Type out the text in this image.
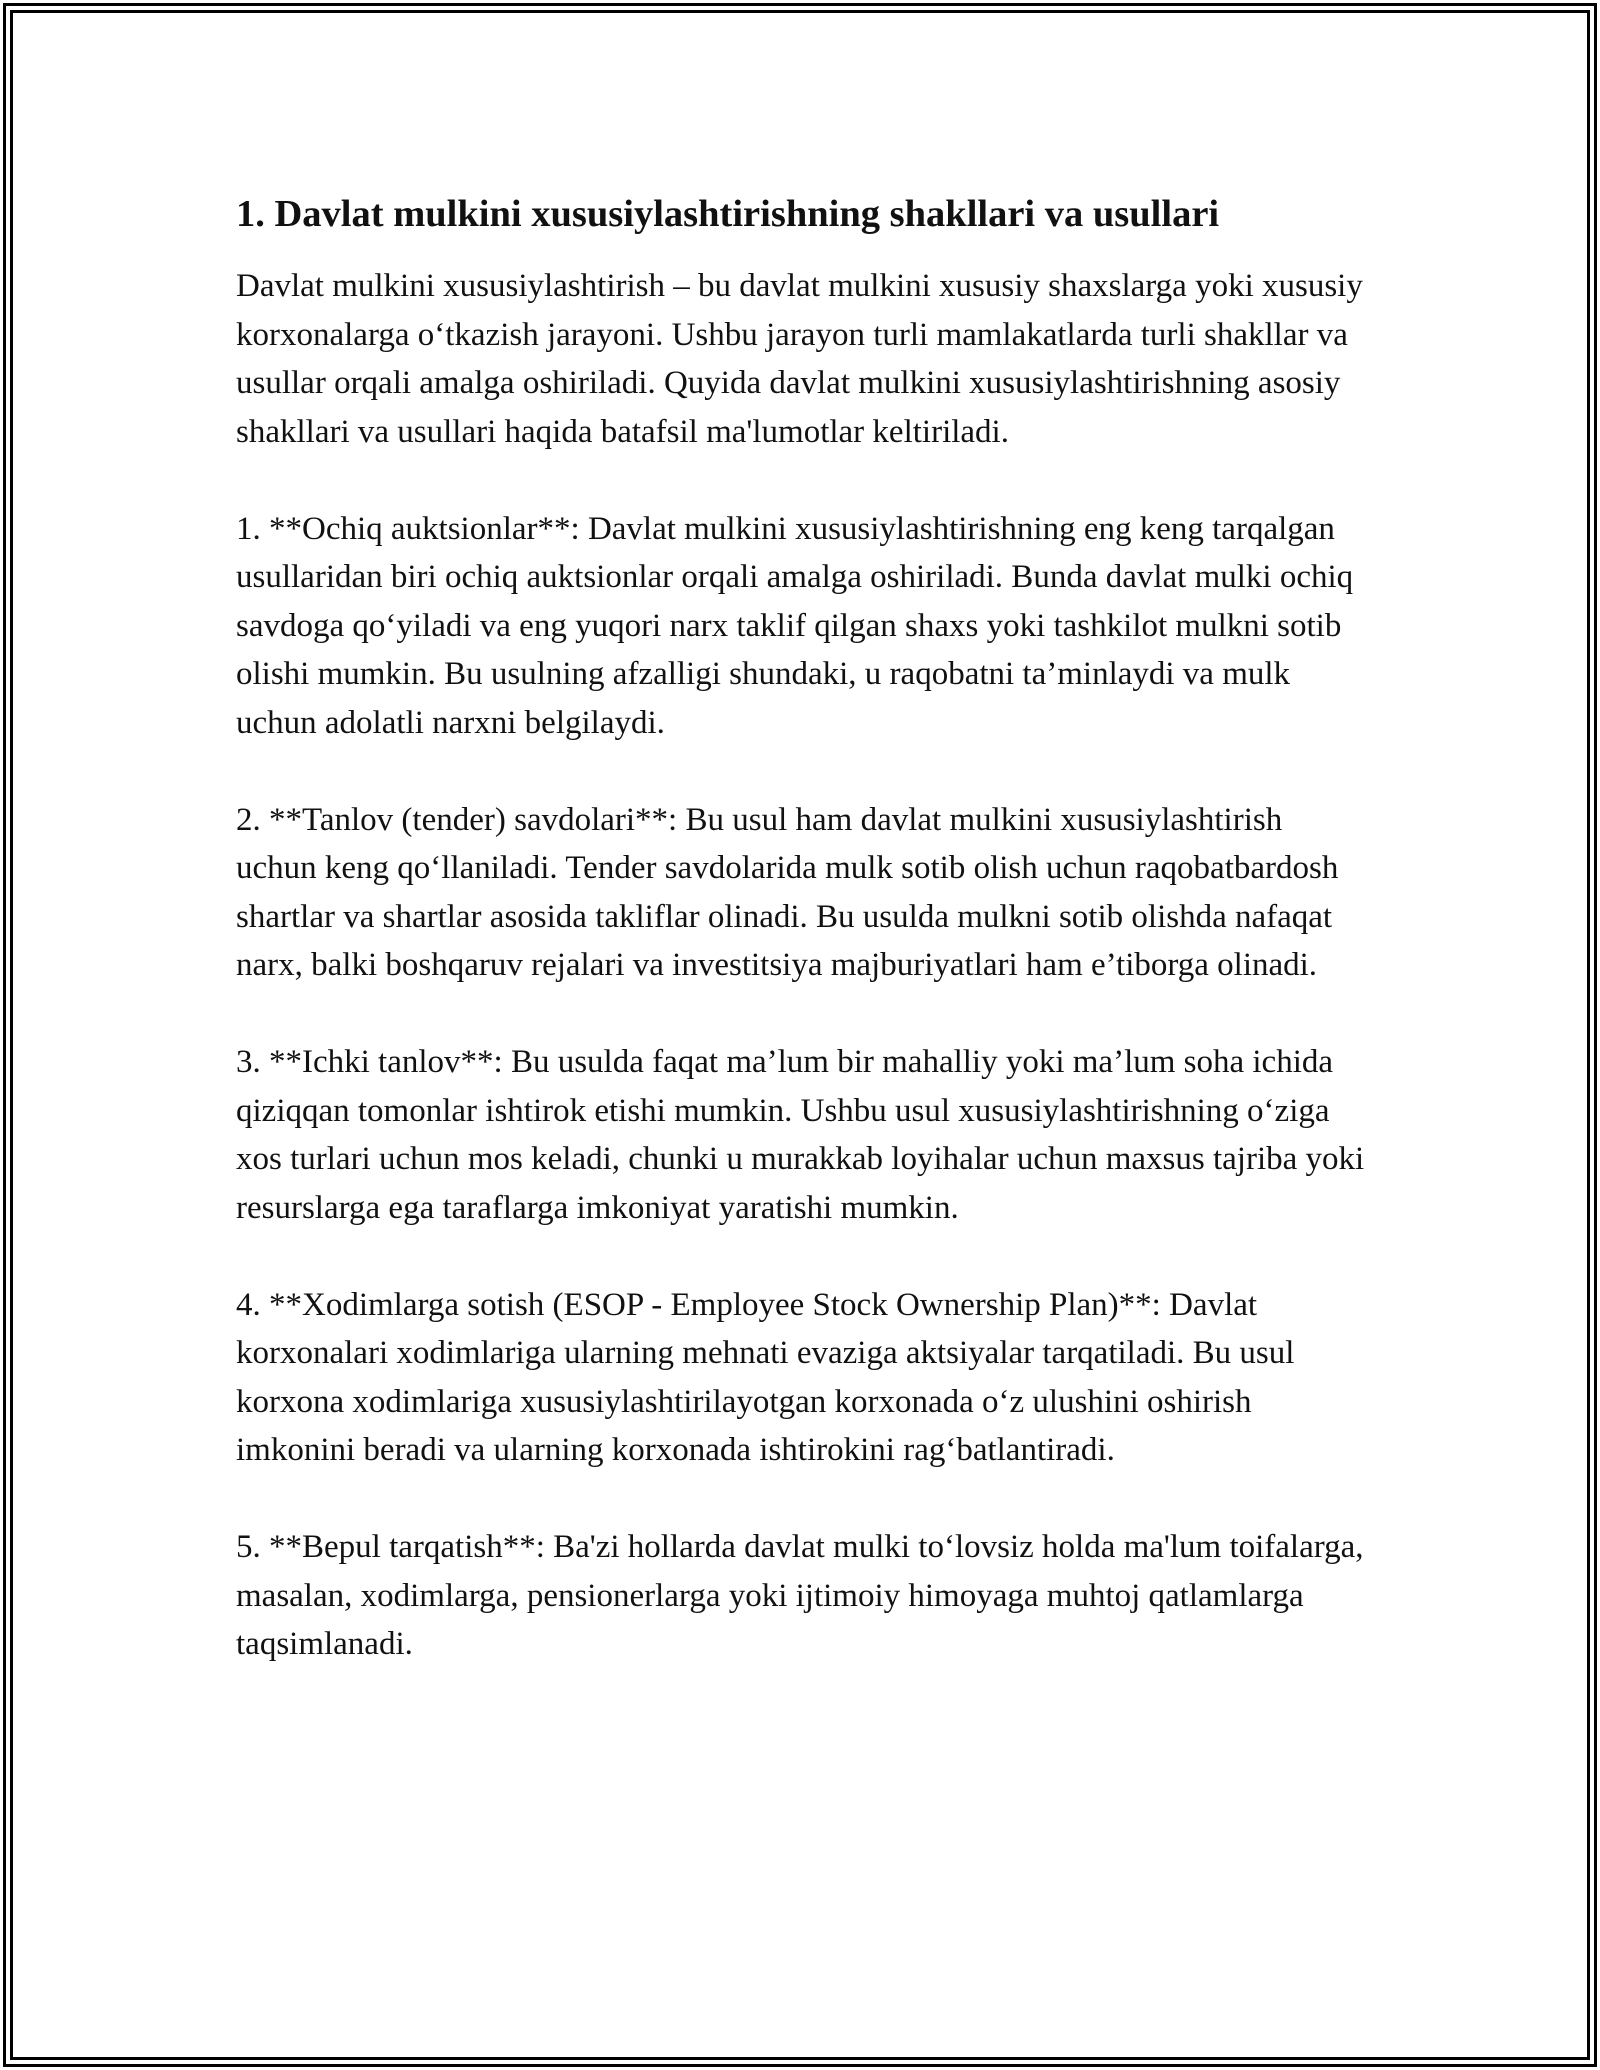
1. Davlat mulkini xususiylashtirishning shakllari va usullari

Davlat mulkini xususiylashtirish – bu davlat mulkini xususiy shaxslarga yoki xususiy korxonalarga o‘tkazish jarayoni. Ushbu jarayon turli mamlakatlarda turli shakllar va usullar orqali amalga oshiriladi. Quyida davlat mulkini xususiylashtirishning asosiy shakllari va usullari haqida batafsil ma'lumotlar keltiriladi.

1. **Ochiq auktsionlar**: Davlat mulkini xususiylashtirishning eng keng tarqalgan usullaridan biri ochiq auktsionlar orqali amalga oshiriladi. Bunda davlat mulki ochiq savdoga qo‘yiladi va eng yuqori narx taklif qilgan shaxs yoki tashkilot mulkni sotib olishi mumkin. Bu usulning afzalligi shundaki, u raqobatni ta’minlaydi va mulk uchun adolatli narxni belgilaydi.

2. **Tanlov (tender) savdolari**: Bu usul ham davlat mulkini xususiylashtirish uchun keng qo‘llaniladi. Tender savdolarida mulk sotib olish uchun raqobatbardosh shartlar va shartlar asosida takliflar olinadi. Bu usulda mulkni sotib olishda nafaqat narx, balki boshqaruv rejalari va investitsiya majburiyatlari ham e’tiborga olinadi.

3. **Ichki tanlov**: Bu usulda faqat ma’lum bir mahalliy yoki ma’lum soha ichida qiziqqan tomonlar ishtirok etishi mumkin. Ushbu usul xususiylashtirishning o‘ziga xos turlari uchun mos keladi, chunki u murakkab loyihalar uchun maxsus tajriba yoki resurslarga ega taraflarga imkoniyat yaratishi mumkin.

4. **Xodimlarga sotish (ESOP - Employee Stock Ownership Plan)**: Davlat korxonalari xodimlariga ularning mehnati evaziga aktsiyalar tarqatiladi. Bu usul korxona xodimlariga xususiylashtirilayotgan korxonada o‘z ulushini oshirish imkonini beradi va ularning korxonada ishtirokini rag‘batlantiradi.

5. **Bepul tarqatish**: Ba'zi hollarda davlat mulki to‘lovsiz holda ma'lum toifalarga, masalan, xodimlarga, pensionerlarga yoki ijtimoiy himoyaga muhtoj qatlamlarga taqsimlanadi.
